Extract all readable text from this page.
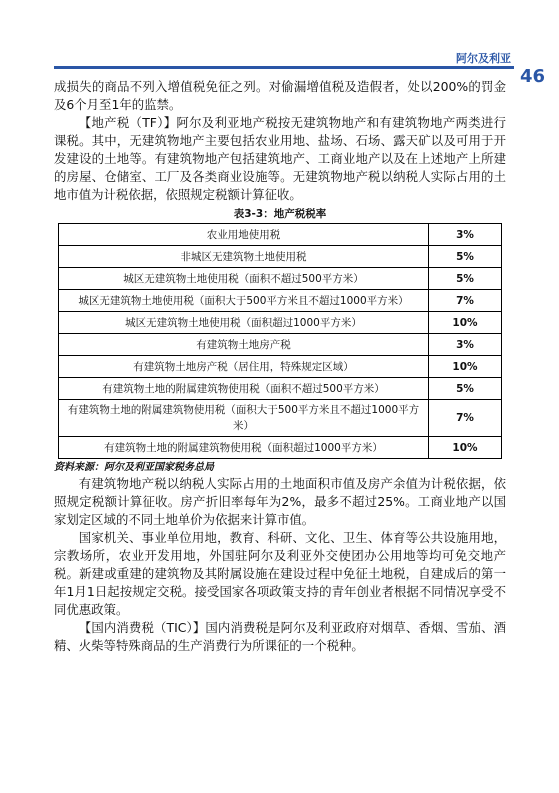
阿尔及利亚
46

成损失的商品不列入增值税免征之列。对偷漏增值税及造假者，处以200%的罚金及6个月至1年的监禁。

【地产税（TF）】阿尔及利亚地产税按无建筑物地产和有建筑物地产两类进行课税。其中，无建筑物地产主要包括农业用地、盐场、石场、露天矿以及可用于开发建设的土地等。有建筑物地产包括建筑地产、工商业地产以及在上述地产上所建的房屋、仓储室、工厂及各类商业设施等。无建筑物地产税以纳税人实际占用的土地市值为计税依据，依照规定税额计算征收。

表3-3：地产税税率
农业用地使用税	3%
非城区无建筑物土地使用税	5%
城区无建筑物土地使用税（面积不超过500平方米）	5%
城区无建筑物土地使用税（面积大于500平方米且不超过1000平方米）	7%
城区无建筑物土地使用税（面积超过1000平方米）	10%
有建筑物土地房产税	3%
有建筑物土地房产税（居住用，特殊规定区域）	10%
有建筑物土地的附属建筑物使用税（面积不超过500平方米）	5%
有建筑物土地的附属建筑物使用税（面积大于500平方米且不超过1000平方米）	7%
有建筑物土地的附属建筑物使用税（面积超过1000平方米）	10%
资料来源：阿尔及利亚国家税务总局

有建筑物地产税以纳税人实际占用的土地面积市值及房产余值为计税依据，依照规定税额计算征收。房产折旧率每年为2%，最多不超过25%。工商业地产以国家划定区域的不同土地单价为依据来计算市值。

国家机关、事业单位用地，教育、科研、文化、卫生、体育等公共设施用地，宗教场所，农业开发用地，外国驻阿尔及利亚外交使团办公用地等均可免交地产税。新建或重建的建筑物及其附属设施在建设过程中免征土地税，自建成后的第一年1月1日起按规定交税。接受国家各项政策支持的青年创业者根据不同情况享受不同优惠政策。

【国内消费税（TIC）】国内消费税是阿尔及利亚政府对烟草、香烟、雪茄、酒精、火柴等特殊商品的生产消费行为所课征的一个税种。
